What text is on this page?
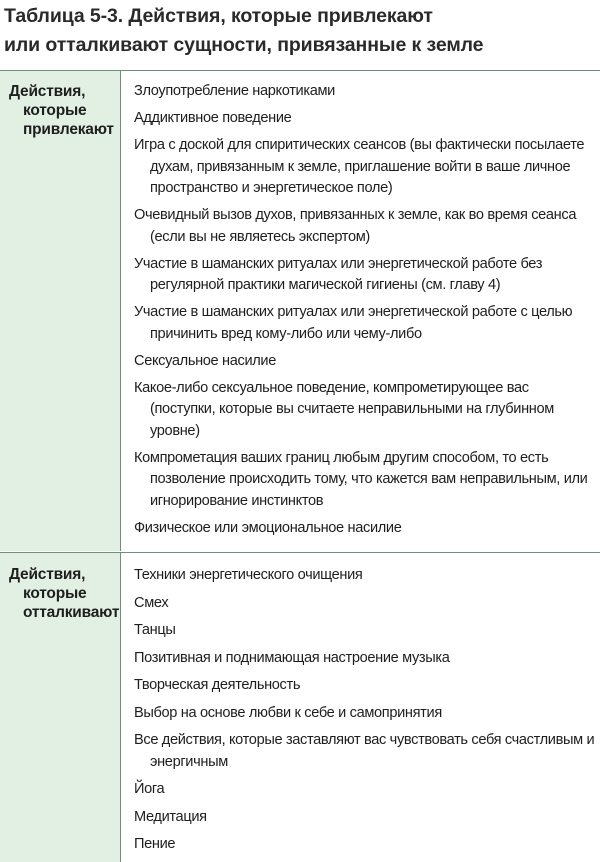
Таблица 5-3. Действия, которые привлекают
или отталкивают сущности, привязанные к земле
Действия,
которые
привлекают
Злоупотребление наркотиками
Аддиктивное поведение
Игра с доской для спиритических сеансов (вы фактически посылаете духам, привязанным к земле, приглашение войти в ваше личное пространство и энергетическое поле)
Очевидный вызов духов, привязанных к земле, как во время сеанса (если вы не являетесь экспертом)
Участие в шаманских ритуалах или энергетической работе без регулярной практики магической гигиены (см. главу 4)
Участие в шаманских ритуалах или энергетической работе с целью причинить вред кому-либо или чему-либо
Сексуальное насилие
Какое-либо сексуальное поведение, компрометирующее вас (поступки, которые вы считаете неправильными на глубинном уровне)
Компрометация ваших границ любым другим способом, то есть позволение происходить тому, что кажется вам неправильным, или игнорирование инстинктов
Физическое или эмоциональное насилие
Действия,
которые
отталкивают
Техники энергетического очищения
Смех
Танцы
Позитивная и поднимающая настроение музыка
Творческая деятельность
Выбор на основе любви к себе и самопринятия
Все действия, которые заставляют вас чувствовать себя счастливым и энергичным
Йога
Медитация
Пение
